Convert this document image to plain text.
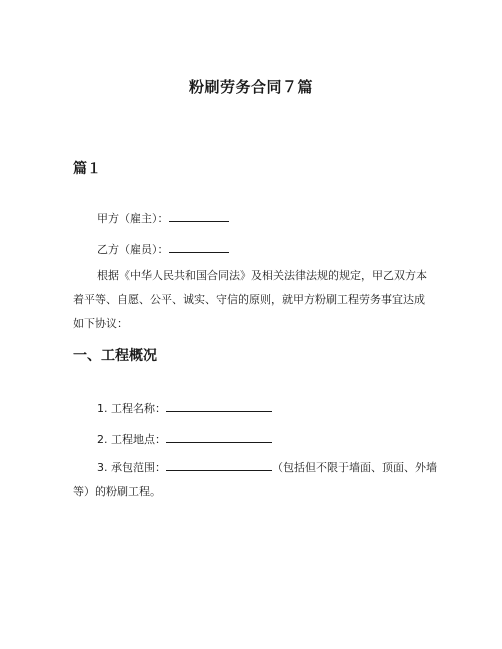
粉刷劳务合同７篇
篇１
甲方（雇主）：
乙方（雇员）：
根据《中华人民共和国合同法》及相关法律法规的规定，甲乙双方本着平等、自愿、公平、诚实、守信的原则，就甲方粉刷工程劳务事宜达成如下协议：
一、工程概况
1. 工程名称：
2. 工程地点：
3. 承包范围：	（包括但不限于墙面、顶面、外墙等）的粉刷工程。
